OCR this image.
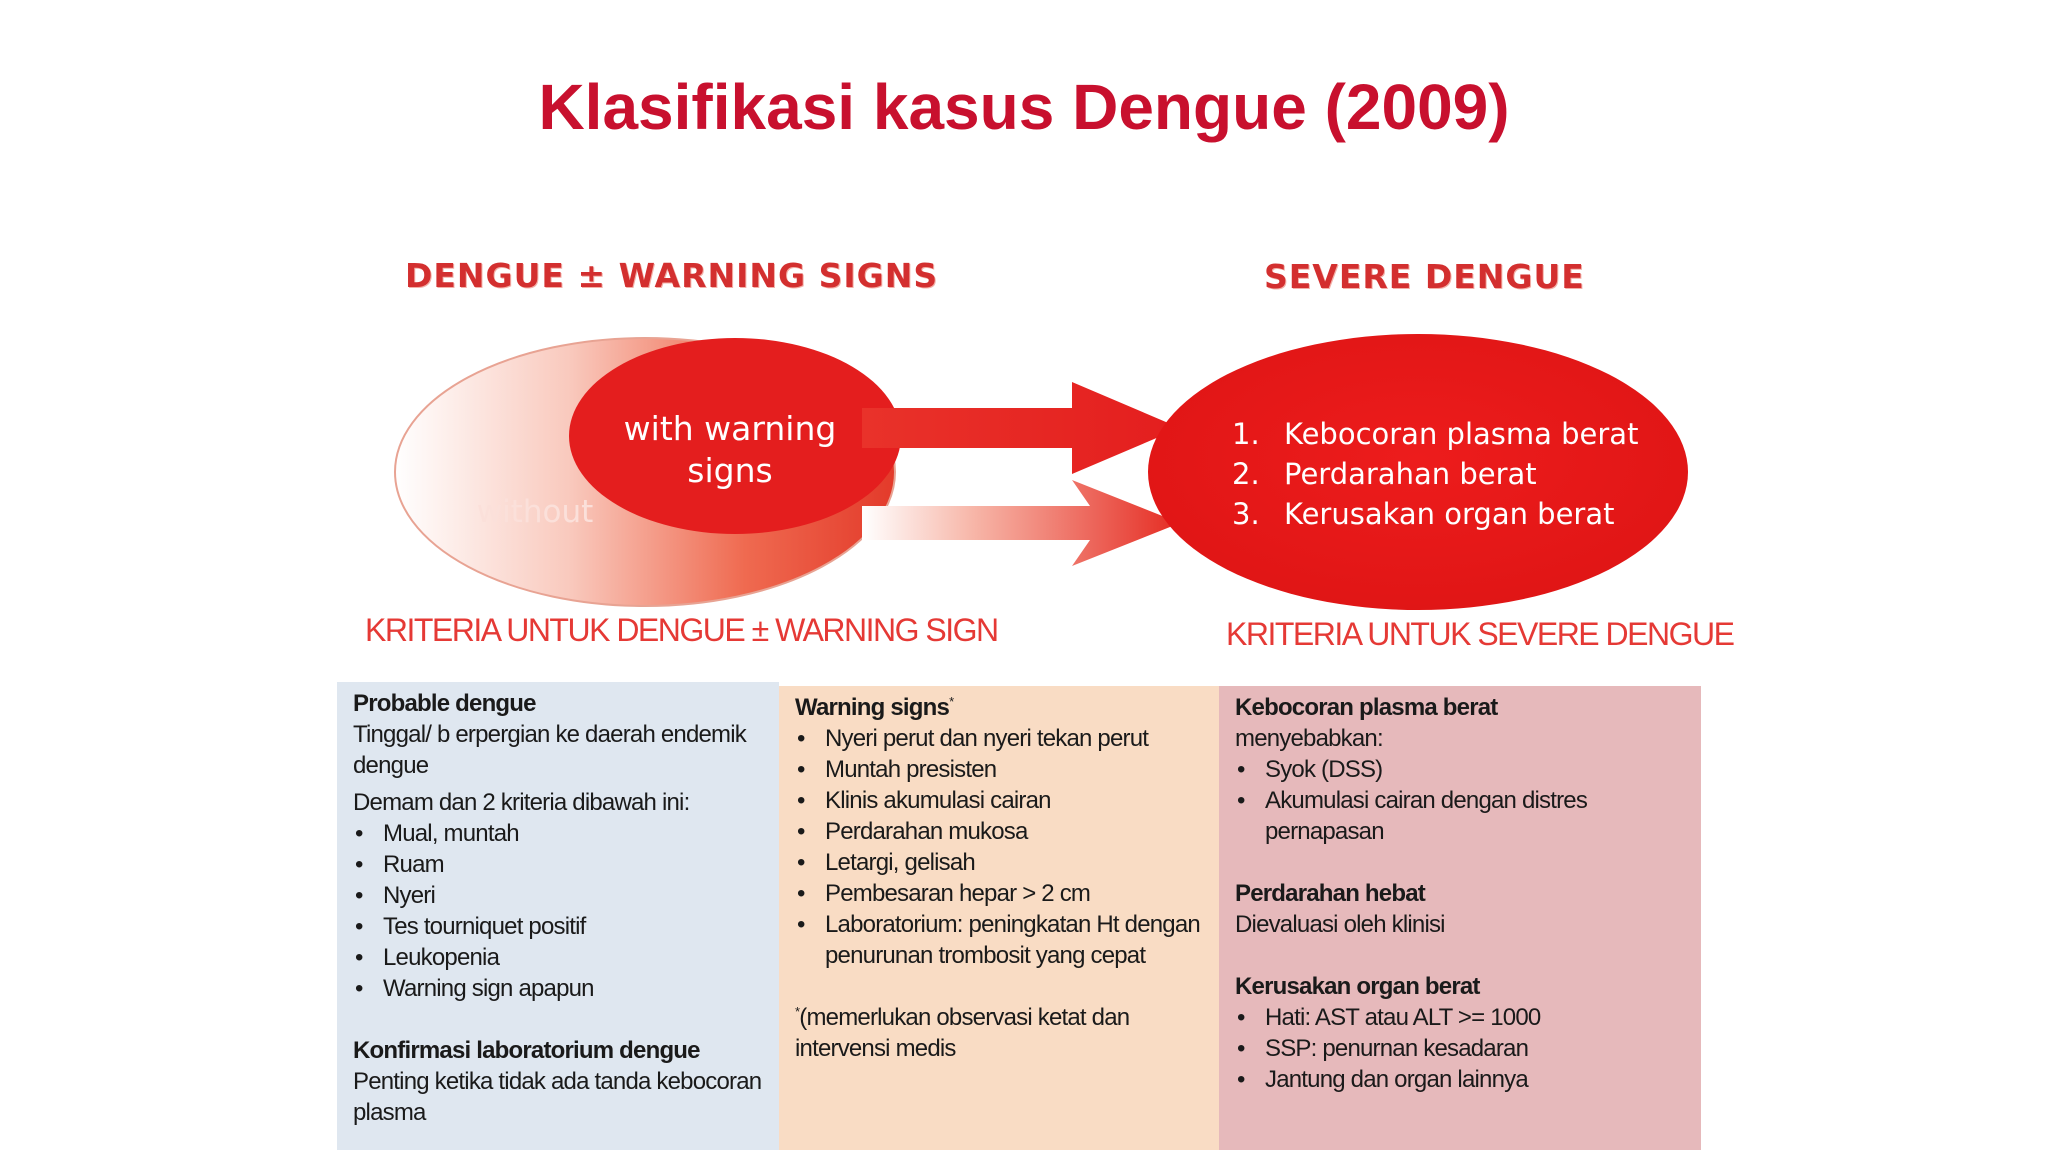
Klasifikasi kasus Dengue (2009)
DENGUE ± WARNING SIGNS	SEVERE DENGUE
with warning signs
without
1. Kebocoran plasma berat
2. Perdarahan berat
3. Kerusakan organ berat
KRITERIA UNTUK DENGUE ± WARNING SIGN	KRITERIA UNTUK SEVERE DENGUE

Probable dengue

Tinggal/ b erpergian ke daerah endemik dengue

Demam dan 2 kriteria dibawah ini:

• Mual, muntah
• Ruam
• Nyeri
• Tes tourniquet positif
• Leukopenia
• Warning sign apapun

Konfirmasi laboratorium dengue

Penting ketika tidak ada tanda kebocoran plasma

Warning signs*

• Nyeri perut dan nyeri tekan perut
• Muntah presisten
• Klinis akumulasi cairan
• Perdarahan mukosa
• Letargi, gelisah
• Pembesaran hepar > 2 cm
• Laboratorium: peningkatan Ht dengan penurunan trombosit yang cepat

*(memerlukan observasi ketat dan intervensi medis

Kebocoran plasma berat

menyebabkan:

• Syok (DSS)
• Akumulasi cairan dengan distres pernapasan

Perdarahan hebat

Dievaluasi oleh klinisi

Kerusakan organ berat

• Hati: AST atau ALT >= 1000
• SSP: penurnan kesadaran
• Jantung dan organ lainnya
